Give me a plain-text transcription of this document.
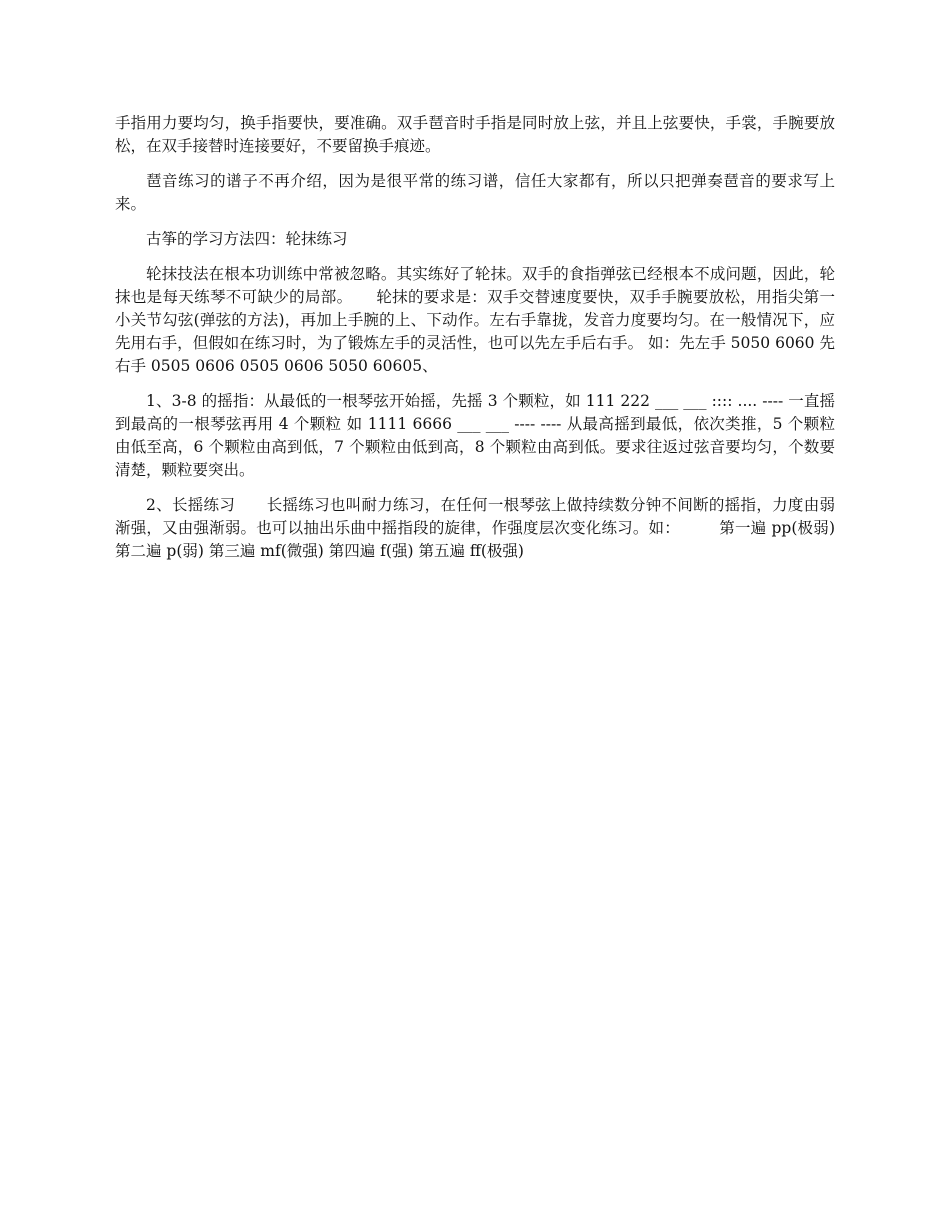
手指用力要均匀，换手指要快，要准确。双手琶音时手指是同时放上弦，并且上弦要快，手裳，手腕要放松，在双手接替时连接要好，不要留换手痕迹。

琶音练习的谱子不再介绍，因为是很平常的练习谱，信任大家都有，所以只把弹奏琶音的要求写上来。

古筝的学习方法四：轮抹练习

轮抹技法在根本功训练中常被忽略。其实练好了轮抹。双手的食指弹弦已经根本不成问题，因此，轮抹也是每天练琴不可缺少的局部。　　轮抹的要求是：双手交替速度要快，双手手腕要放松，用指尖第一小关节勾弦(弹弦的方法)，再加上手腕的上、下动作。左右手靠拢，发音力度要均匀。在一般情况下，应先用右手，但假如在练习时，为了锻炼左手的灵活性，也可以先左手后右手。 如：先左手 5050 6060 先右手 0505 0606 0505 0606 5050 60605、

1、3-8 的摇指：从最低的一根琴弦开始摇，先摇 3 个颗粒，如 111 222 ___ ___ :::: .... ---- 一直摇到最高的一根琴弦再用 4 个颗粒 如 1111 6666 ___ ___ ---- ---- 从最高摇到最低，依次类推，5 个颗粒由低至高，6 个颗粒由高到低，7 个颗粒由低到高，8 个颗粒由高到低。要求往返过弦音要均匀，个数要清楚，颗粒要突出。

2、长摇练习　　长摇练习也叫耐力练习，在任何一根琴弦上做持续数分钟不间断的摇指，力度由弱渐强，又由强渐弱。也可以抽出乐曲中摇指段的旋律，作强度层次变化练习。如：　　　第一遍 pp(极弱) 第二遍 p(弱) 第三遍 mf(微强) 第四遍 f(强) 第五遍 ff(极强)
